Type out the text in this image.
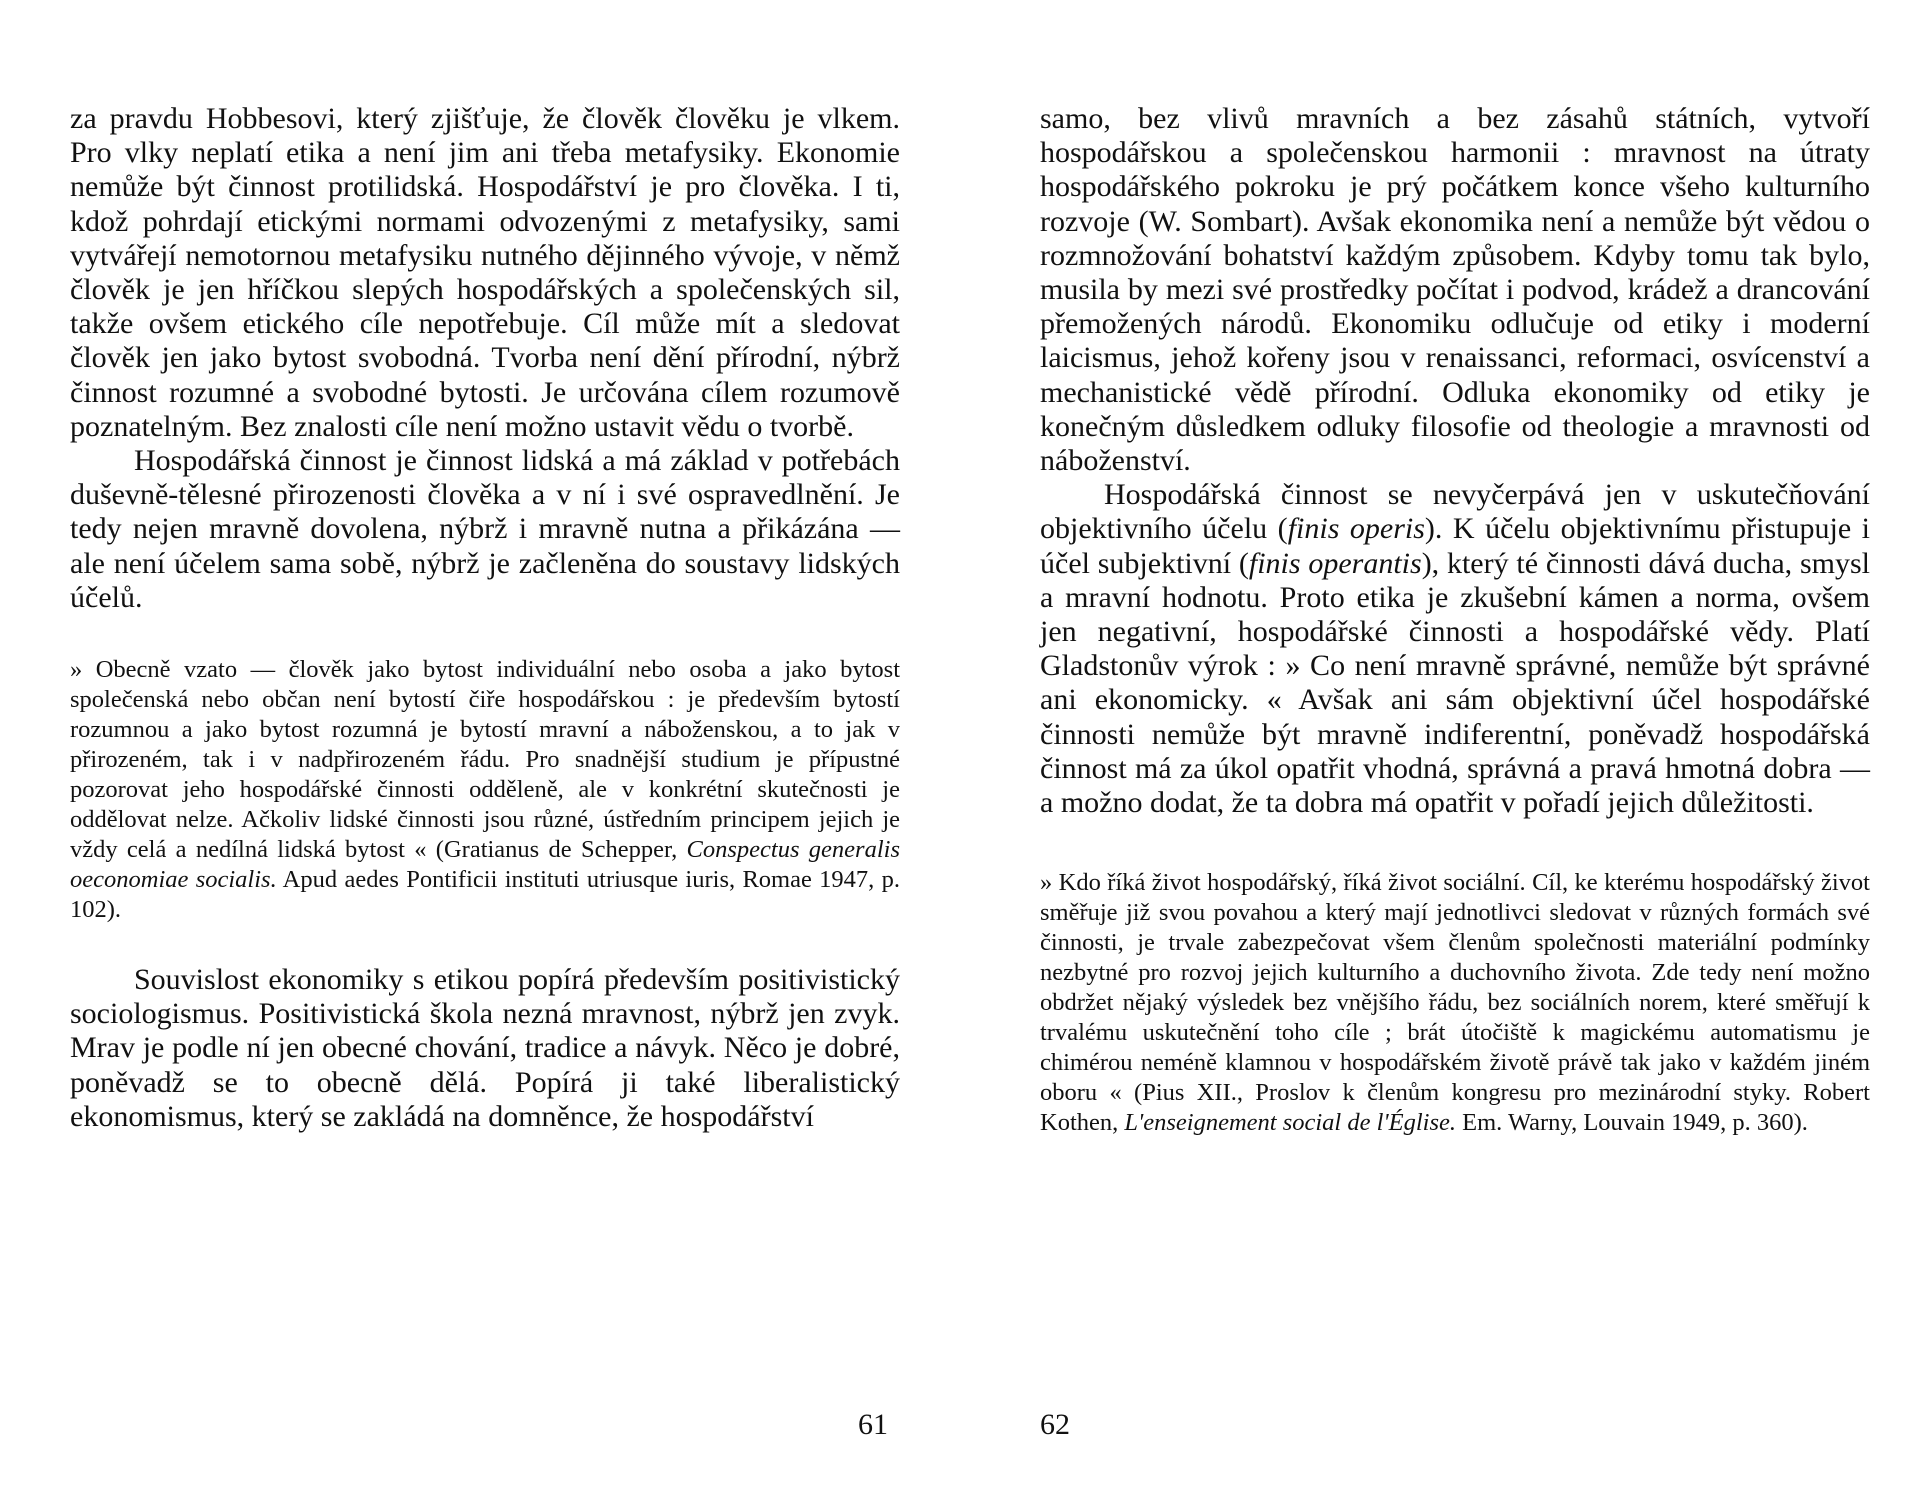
za pravdu Hobbesovi, který zjišťuje, že člověk člověku je vlkem. Pro vlky neplatí etika a není jim ani třeba metafysiky. Ekonomie nemůže být činnost protilidská. Hospodářství je pro člověka. I ti, kdož pohrdají etickými normami odvozenými z metafysiky, sami vytvářejí nemotornou metafysiku nutného dějinného vývoje, v němž člověk je jen hříčkou slepých hospodářských a společenských sil, takže ovšem etického cíle nepotřebuje. Cíl může mít a sledovat člověk jen jako bytost svobodná. Tvorba není dění přírodní, nýbrž činnost rozumné a svobodné bytosti. Je určována cílem rozumově poznatelným. Bez znalosti cíle není možno ustavit vědu o tvorbě.

Hospodářská činnost je činnost lidská a má základ v potřebách duševně-tělesné přirozenosti člověka a v ní i své ospravedlnění. Je tedy nejen mravně dovolena, nýbrž i mravně nutna a přikázána — ale není účelem sama sobě, nýbrž je začleněna do soustavy lidských účelů.

» Obecně vzato — člověk jako bytost individuální nebo osoba a jako bytost společenská nebo občan není bytostí čiře hospodářskou : je především bytostí rozumnou a jako bytost rozumná je bytostí mravní a náboženskou, a to jak v přirozeném, tak i v nadpřirozeném řádu. Pro snadnější studium je přípustné pozorovat jeho hospodářské činnosti odděleně, ale v konkrétní skutečnosti je oddělovat nelze. Ačkoliv lidské činnosti jsou různé, ústředním principem jejich je vždy celá a nedílná lidská bytost « (Gratianus de Schepper, Conspectus generalis oeconomiae socialis. Apud aedes Pontificii instituti utriusque iuris, Romae 1947, p. 102).

Souvislost ekonomiky s etikou popírá především positivistický sociologismus. Positivistická škola nezná mravnost, nýbrž jen zvyk. Mrav je podle ní jen obecné chování, tradice a návyk. Něco je dobré, poněvadž se to obecně dělá. Popírá ji také liberalistický ekonomismus, který se zakládá na domněnce, že hospodářství

samo, bez vlivů mravních a bez zásahů státních, vytvoří hospodářskou a společenskou harmonii : mravnost na útraty hospodářského pokroku je prý počátkem konce všeho kulturního rozvoje (W. Sombart). Avšak ekonomika není a nemůže být vědou o rozmnožování bohatství každým způsobem. Kdyby tomu tak bylo, musila by mezi své prostředky počítat i podvod, krádež a drancování přemožených národů. Ekonomiku odlučuje od etiky i moderní laicismus, jehož kořeny jsou v renaissanci, reformaci, osvícenství a mechanistické vědě přírodní. Odluka ekonomiky od etiky je konečným důsledkem odluky filosofie od theologie a mravnosti od náboženství.

Hospodářská činnost se nevyčerpává jen v uskutečňování objektivního účelu (finis operis). K účelu objektivnímu přistupuje i účel subjektivní (finis operantis), který té činnosti dává ducha, smysl a mravní hodnotu. Proto etika je zkušební kámen a norma, ovšem jen negativní, hospodářské činnosti a hospodářské vědy. Platí Gladstonův výrok : » Co není mravně správné, nemůže být správné ani ekonomicky. « Avšak ani sám objektivní účel hospodářské činnosti nemůže být mravně indiferentní, poněvadž hospodářská činnost má za úkol opatřit vhodná, správná a pravá hmotná dobra — a možno dodat, že ta dobra má opatřit v pořadí jejich důležitosti.

» Kdo říká život hospodářský, říká život sociální. Cíl, ke kterému hospodářský život směřuje již svou povahou a který mají jednotlivci sledovat v různých formách své činnosti, je trvale zabezpečovat všem členům společnosti materiální podmínky nezbytné pro rozvoj jejich kulturního a duchovního života. Zde tedy není možno obdržet nějaký výsledek bez vnějšího řádu, bez sociálních norem, které směřují k trvalému uskutečnění toho cíle ; brát útočiště k magickému automatismu je chimérou neméně klamnou v hospodářském životě právě tak jako v každém jiném oboru « (Pius XII., Proslov k členům kongresu pro mezinárodní styky. Robert Kothen, L'enseignement social de l'Église. Em. Warny, Louvain 1949, p. 360).

61	62
